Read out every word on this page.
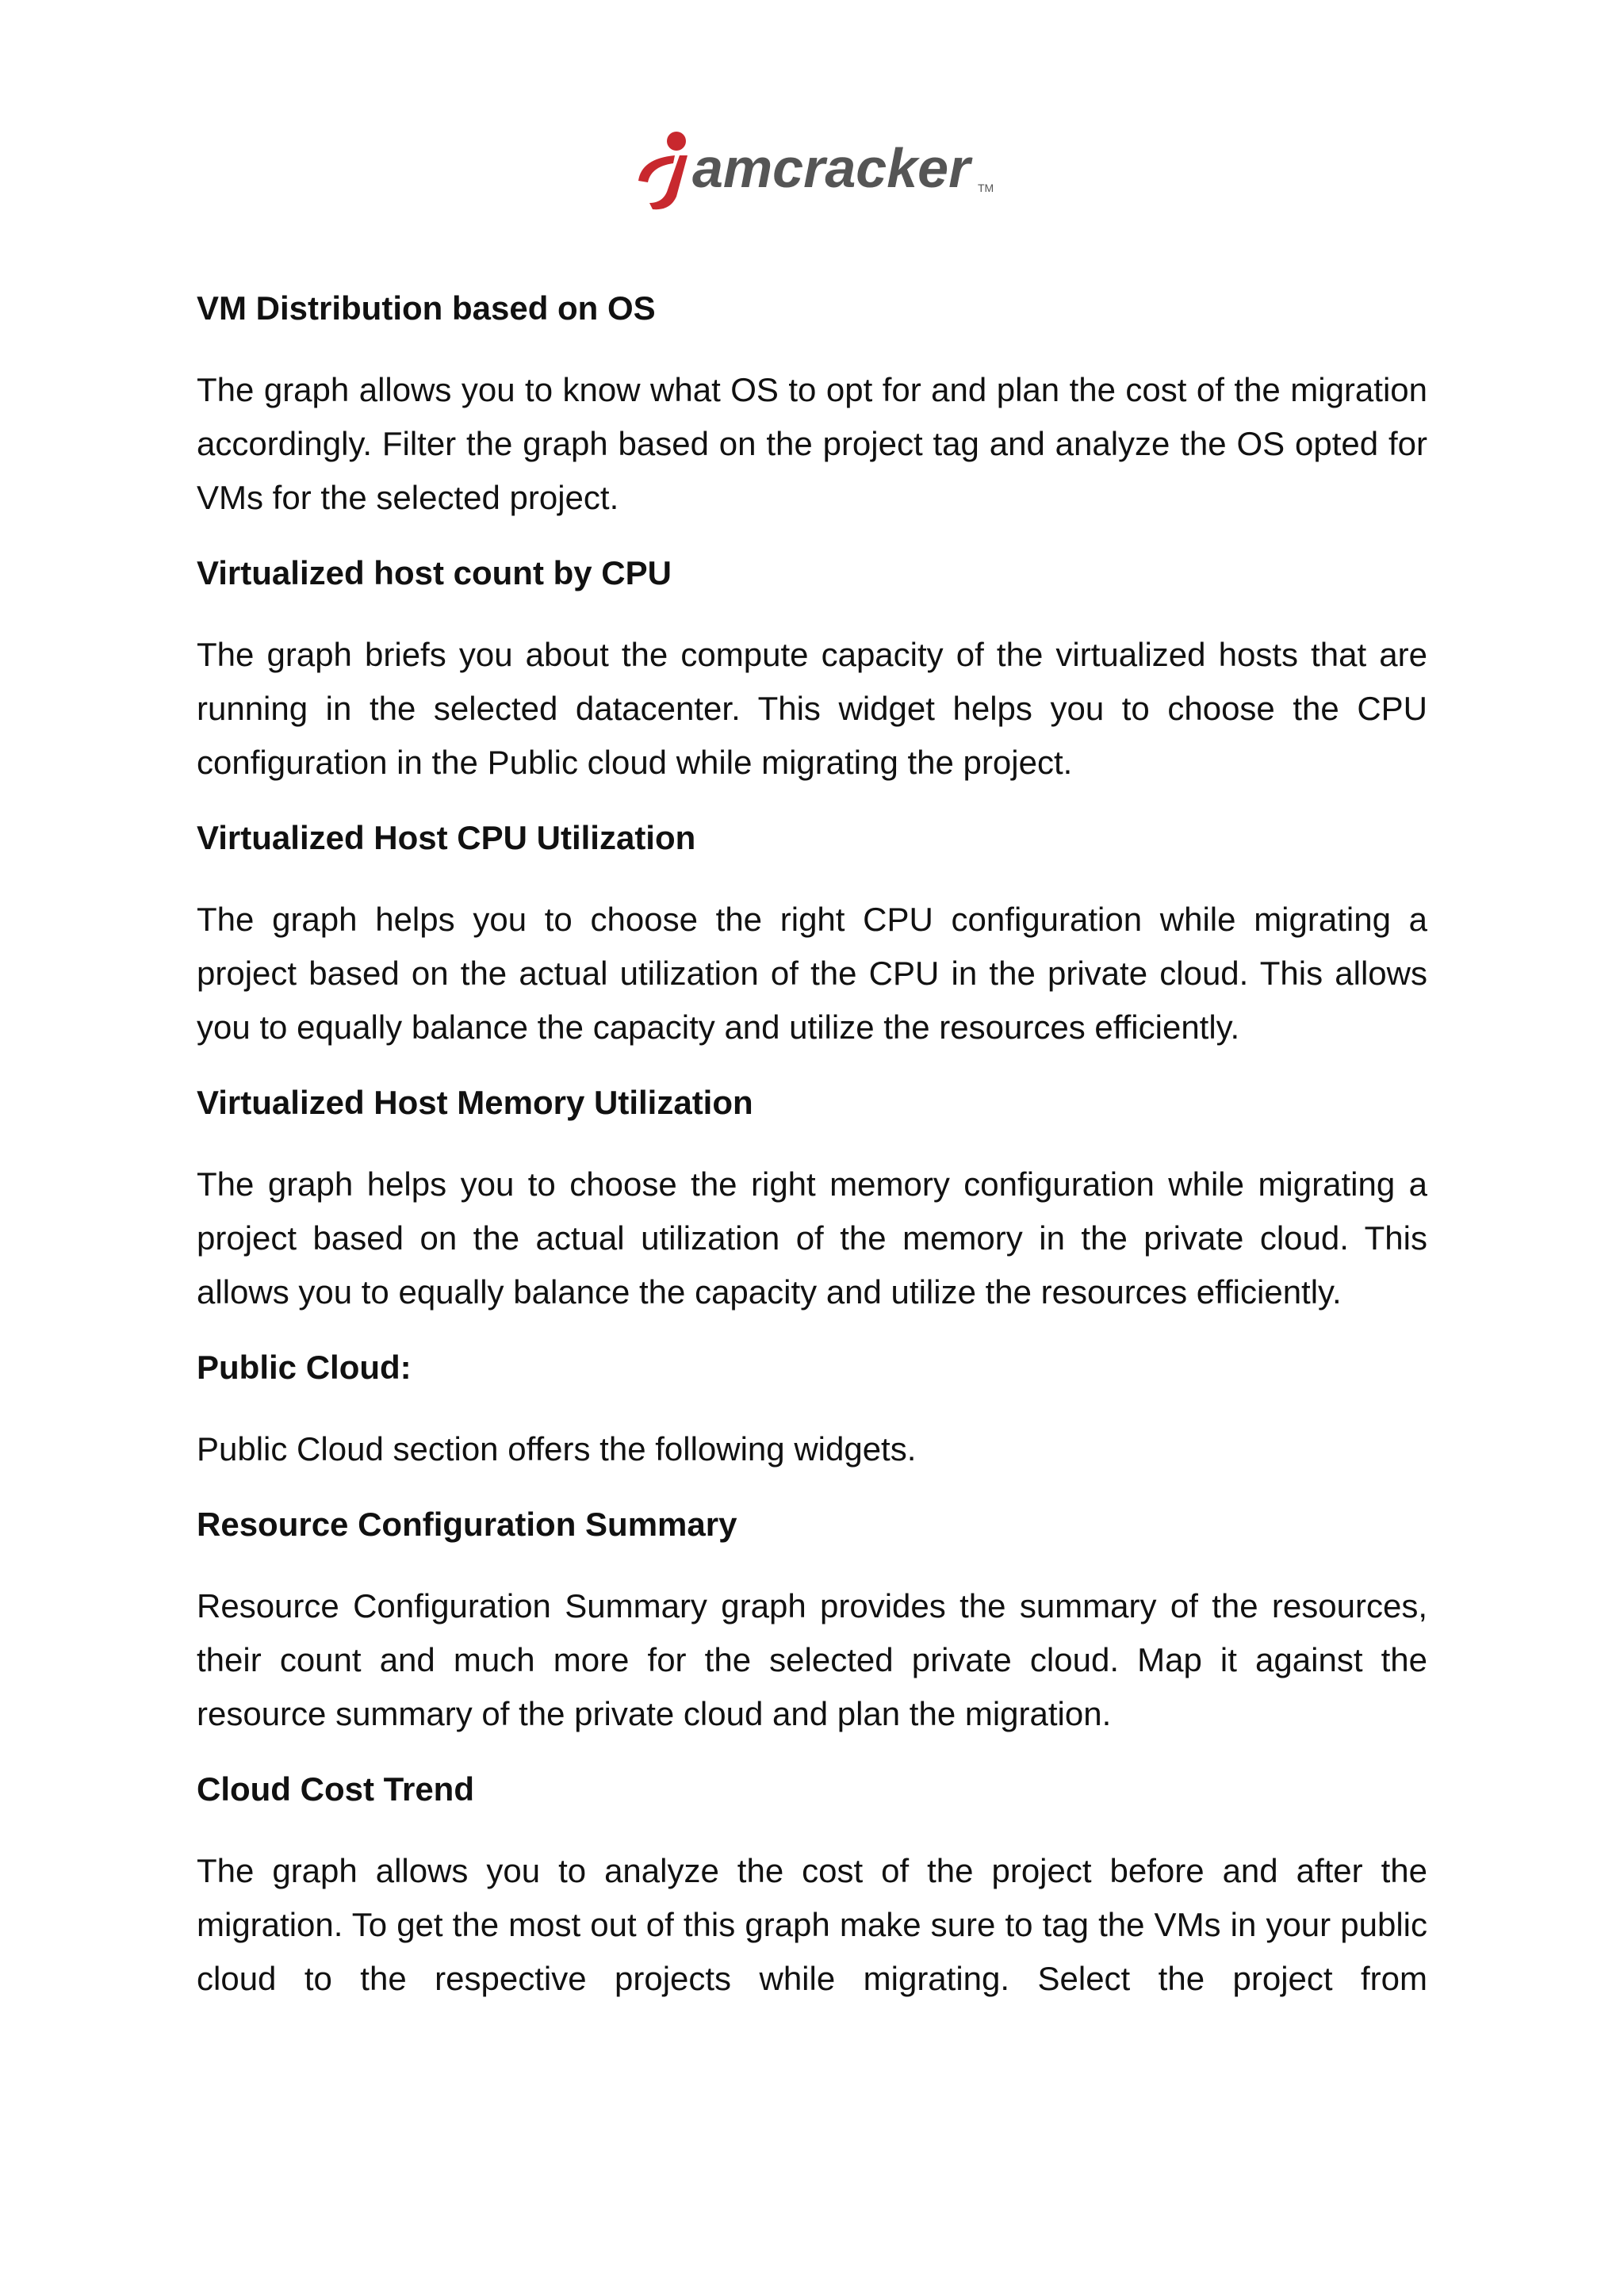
amcracker TM
VM Distribution based on OS
The graph allows you to know what OS to opt for and plan the cost of the migration accordingly. Filter the graph based on the project tag and analyze the OS opted for VMs for the selected project.
Virtualized host count by CPU
The graph briefs you about the compute capacity of the virtualized hosts that are running in the selected datacenter. This widget helps you to choose the CPU configuration in the Public cloud while migrating the project.
Virtualized Host CPU Utilization
The graph helps you to choose the right CPU configuration while migrating a project based on the actual utilization of the CPU in the private cloud. This allows you to equally balance the capacity and utilize the resources efficiently.
Virtualized Host Memory Utilization
The graph helps you to choose the right memory configuration while migrating a project based on the actual utilization of the memory in the private cloud. This allows you to equally balance the capacity and utilize the resources efficiently.
Public Cloud:
Public Cloud section offers the following widgets.
Resource Configuration Summary
Resource Configuration Summary graph provides the summary of the resources, their count and much more for the selected private cloud. Map it against the resource summary of the private cloud and plan the migration.
Cloud Cost Trend
The graph allows you to analyze the cost of the project before and after the migration. To get the most out of this graph make sure to tag the VMs in your public cloud to the respective projects while migrating. Select the project from
